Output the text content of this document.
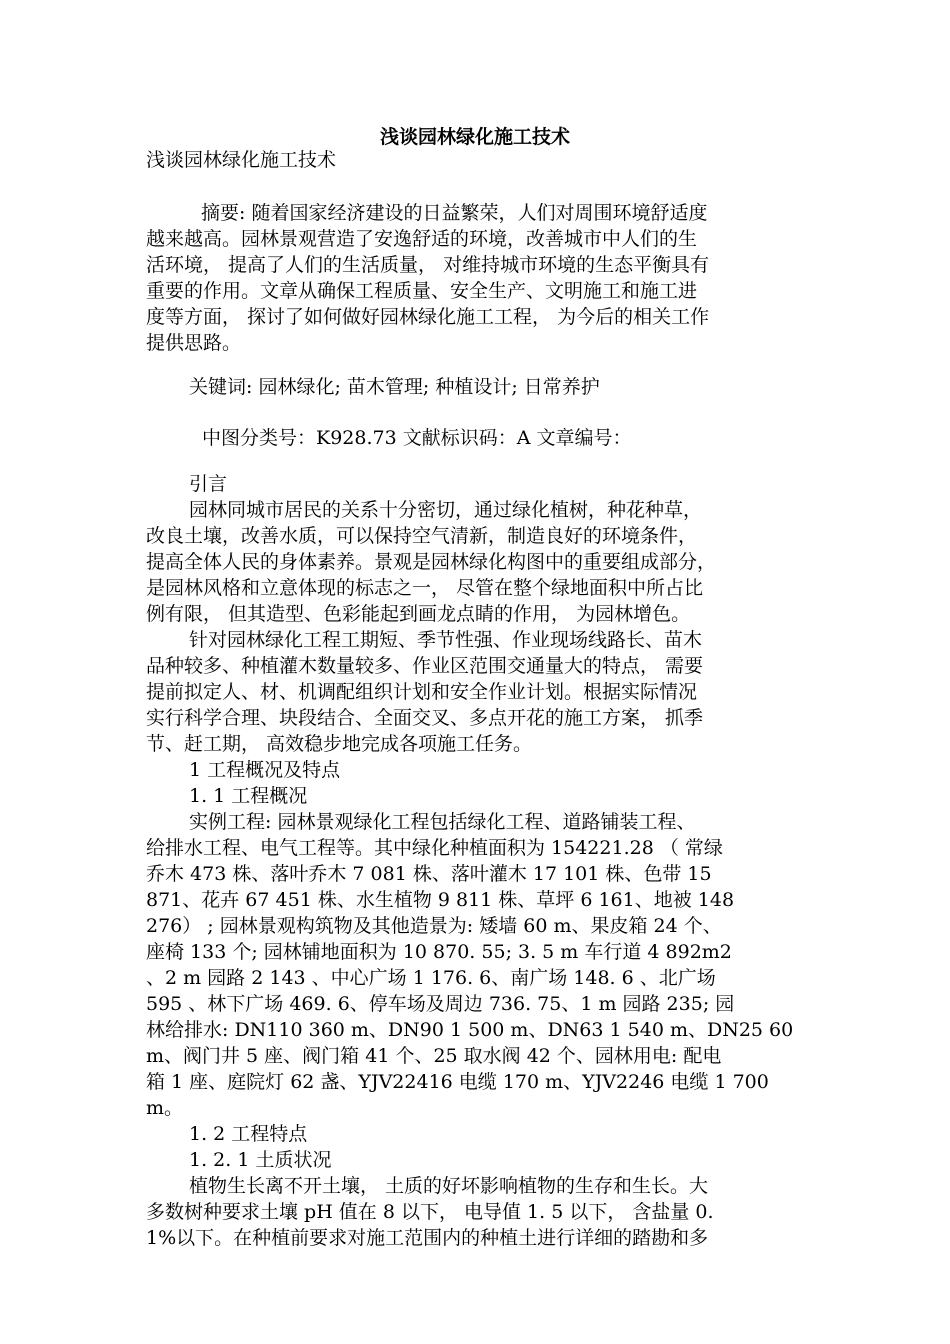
浅谈园林绿化施工技术
浅谈园林绿化施工技术

摘要: 随着国家经济建设的日益繁荣，人们对周围环境舒适度

越来越高。园林景观营造了安逸舒适的环境，改善城市中人们的生

活环境， 提高了人们的生活质量， 对维持城市环境的生态平衡具有

重要的作用。文章从确保工程质量、安全生产、文明施工和施工进

度等方面， 探讨了如何做好园林绿化施工工程， 为今后的相关工作

提供思路。

关键词: 园林绿化; 苗木管理; 种植设计; 日常养护

中图分类号：K928.73 文献标识码：A 文章编号：

引言

园林同城市居民的关系十分密切，通过绿化植树，种花种草，

改良土壤，改善水质，可以保持空气清新，制造良好的环境条件，

提高全体人民的身体素养。景观是园林绿化构图中的重要组成部分，

是园林风格和立意体现的标志之一， 尽管在整个绿地面积中所占比

例有限， 但其造型、色彩能起到画龙点睛的作用， 为园林增色。

针对园林绿化工程工期短、季节性强、作业现场线路长、苗木

品种较多、种植灌木数量较多、作业区范围交通量大的特点， 需要

提前拟定人、材、机调配组织计划和安全作业计划。根据实际情况

实行科学合理、块段结合、全面交叉、多点开花的施工方案， 抓季

节、赶工期， 高效稳步地完成各项施工任务。

1 工程概况及特点

1. 1 工程概况

实例工程: 园林景观绿化工程包括绿化工程、道路铺装工程、

给排水工程、电气工程等。其中绿化种植面积为 154221.28 （ 常绿

乔木 473 株、落叶乔木 7 081 株、落叶灌木 17 101 株、色带 15

871、花卉 67 451 株、水生植物 9 811 株、草坪 6 161、地被 148

276） ; 园林景观构筑物及其他造景为: 矮墙 60 m、果皮箱 24 个、

座椅 133 个; 园林铺地面积为 10 870. 55; 3. 5 m 车行道 4 892m2

、2 m 园路 2 143 、中心广场 1 176. 6、南广场 148. 6 、北广场

595 、林下广场 469. 6、停车场及周边 736. 75、1 m 园路 235; 园

林给排水: DN110 360 m、DN90 1 500 m、DN63 1 540 m、DN25 60

m、阀门井 5 座、阀门箱 41 个、25 取水阀 42 个、园林用电: 配电

箱 1 座、庭院灯 62 盏、YJV22416 电缆 170 m、YJV2246 电缆 1 700

m。

1. 2 工程特点

1. 2. 1 土质状况

植物生长离不开土壤， 土质的好坏影响植物的生存和生长。大

多数树种要求土壤 pH 值在 8 以下， 电导值 1. 5 以下， 含盐量 0.

1%以下。在种植前要求对施工范围内的种植土进行详细的踏勘和多
